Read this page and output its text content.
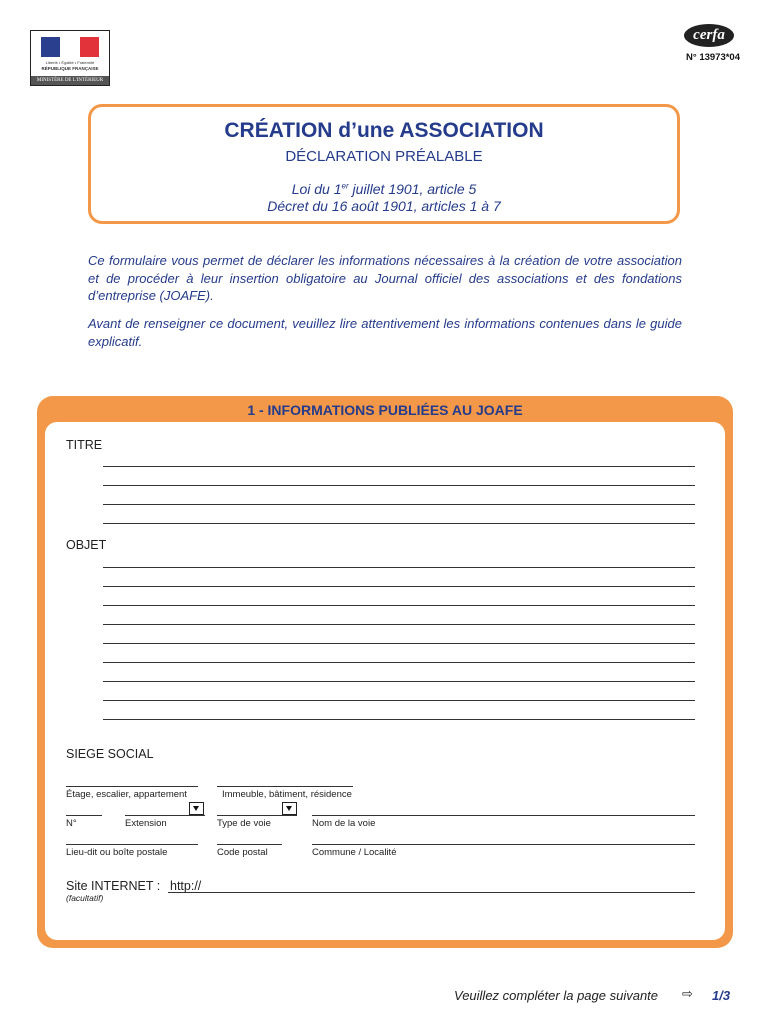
Liberté • Égalité • Fraternité
RÉPUBLIQUE FRANÇAISE
MINISTÈRE DE L'INTÉRIEUR
cerfa
N° 13973*04
CRÉATION d’une ASSOCIATION
DÉCLARATION PRÉALABLE
Loi du 1er juillet 1901, article 5
Décret du 16 août 1901, articles 1 à 7
Ce formulaire vous permet de déclarer les informations nécessaires à la création de votre association et de procéder à leur insertion obligatoire au Journal officiel des associations et des fondations d’entreprise (JOAFE).
Avant de renseigner ce document, veuillez lire attentivement les informations contenues dans le guide explicatif.
1 - INFORMATIONS PUBLIÉES AU JOAFE
TITRE
OBJET
SIEGE SOCIAL
Étage, escalier, appartement	Immeuble, bâtiment, résidence
N°	Extension	Type de voie	Nom de la voie
Lieu-dit ou boîte postale	Code postal	Commune / Localité
Site INTERNET : http://
(facultatif)
Veuillez compléter la page suivante ⇨ 1/3
